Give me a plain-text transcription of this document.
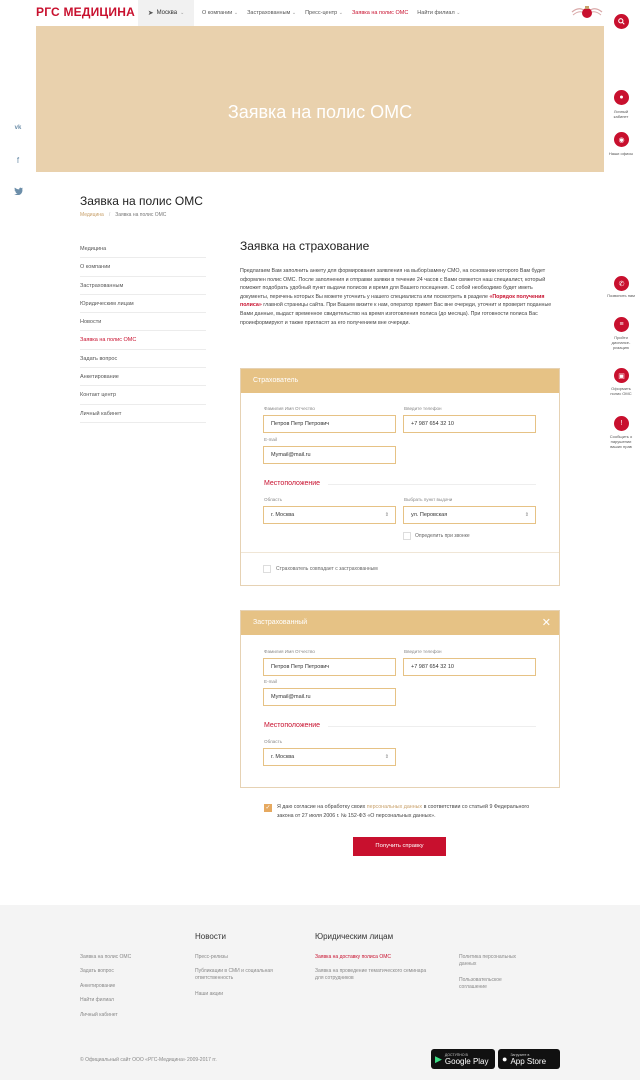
РГС МЕДИЦИНА ➤ Москва ⌄	О компании ⌄ Застрахованным ⌄ Пресс-центр ⌄ Заявка на полис ОМС Найти филиал ⌄
●
Личный кабинет
◉
Наши офисы
✆
Позвонить нам
≡
Пройти диспансе-ризацию
▣
Оформить полис ОМС
!
Сообщить о нарушении ваших прав
vk
f
Заявка на полис ОМС
Заявка на полис ОМС
Медицина / Заявка на полис ОМС
Медицина
О компании
Застрахованным
Юридическим лицам
Новости
Заявка на полис ОМС
Задать вопрос
Анкетирование
Контакт центр
Личный кабинет
Заявка на страхование
Предлагаем Вам заполнить анкету для формирования заявления на выбор/замену СМО, на основании которого Вам будет оформлен полис ОМС. После заполнения и отправки заявки в течение 24 часов с Вами свяжется наш специалист, который поможет подобрать удобный пункт выдачи полисов и время для Вашего посещения. С собой необходимо будет иметь документы, перечень которых Вы можете уточнить у нашего специалиста или посмотреть в разделе «Порядок получения полиса» главной страницы сайта. При Вашем визите к нам, оператор примет Вас вне очереди, уточнит и проверит поданные Вами данные, выдаст временное свидетельство на время изготовления полиса (до месяца). При готовности полиса Вас проинформируют и также пригласят за его получением вне очереди.
Страхователь
Фамилия Имя Отчество
Петров Петр Петрович
Введите телефон
+7 987 654 32 10
E-mail
Mymail@mail.ru
Местоположение
Область
г. Москва	⇕
Выбрать пункт выдачи
ул. Перовская	⇕
Определить при звонке
Страхователь совпадает с застрахованным
Застрахованный	✕
Фамилия Имя Отчество
Петров Петр Петрович
Введите телефон
+7 987 654 32 10
E-mail
Mymail@mail.ru
Местоположение
Область
г. Москва	⇕
✓ Я даю согласие на обработку своих персональных данных в соответствии со статьей 9 Федерального закона от 27 июля 2006 г. № 152-ФЗ «О персональных данных».
Получить справку
Заявка на полис ОМС
Задать вопрос
Анкетирование
Найти филиал
Личный кабинет
Новости
Пресс-релизы
Публикации в СМИ и социальная ответственность
Наши акции
Юридическим лицам
Заявка на доставку полиса ОМС
Заявка на проведение тематического семинара для сотрудников
Политика персональных данных
Пользовательское соглашение
© Официальный сайт ООО «РГС-Медицина» 2009-2017 гг.	▶ ДОСТУПНО В
Google Play ● Загрузите в
App Store
